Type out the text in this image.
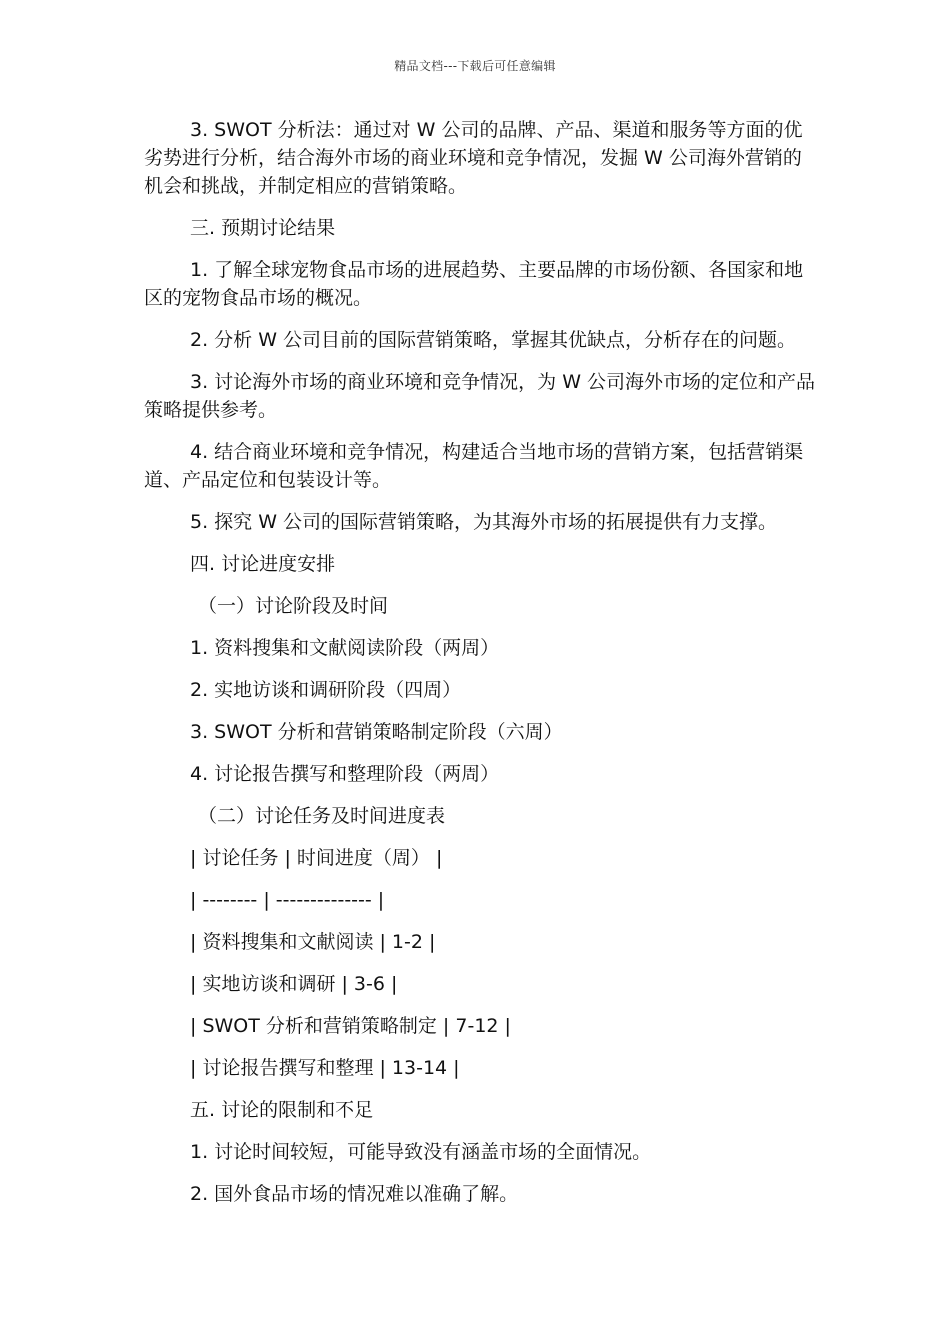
精品文档---下载后可任意编辑
3. SWOT 分析法：通过对 W 公司的品牌、产品、渠道和服务等方面的优劣势进行分析，结合海外市场的商业环境和竞争情况，发掘 W 公司海外营销的机会和挑战，并制定相应的营销策略。
三. 预期讨论结果
1. 了解全球宠物食品市场的进展趋势、主要品牌的市场份额、各国家和地区的宠物食品市场的概况。
2. 分析 W 公司目前的国际营销策略，掌握其优缺点，分析存在的问题。
3. 讨论海外市场的商业环境和竞争情况，为 W 公司海外市场的定位和产品策略提供参考。
4. 结合商业环境和竞争情况，构建适合当地市场的营销方案，包括营销渠道、产品定位和包装设计等。
5. 探究 W 公司的国际营销策略，为其海外市场的拓展提供有力支撑。
四. 讨论进度安排
（一）讨论阶段及时间
1. 资料搜集和文献阅读阶段（两周）
2. 实地访谈和调研阶段（四周）
3. SWOT 分析和营销策略制定阶段（六周）
4. 讨论报告撰写和整理阶段（两周）
（二）讨论任务及时间进度表
| 讨论任务 | 时间进度（周） |
| -------- | -------------- |
| 资料搜集和文献阅读 | 1-2 |
| 实地访谈和调研 | 3-6 |
| SWOT 分析和营销策略制定 | 7-12 |
| 讨论报告撰写和整理 | 13-14 |
五. 讨论的限制和不足
1. 讨论时间较短，可能导致没有涵盖市场的全面情况。
2. 国外食品市场的情况难以准确了解。
